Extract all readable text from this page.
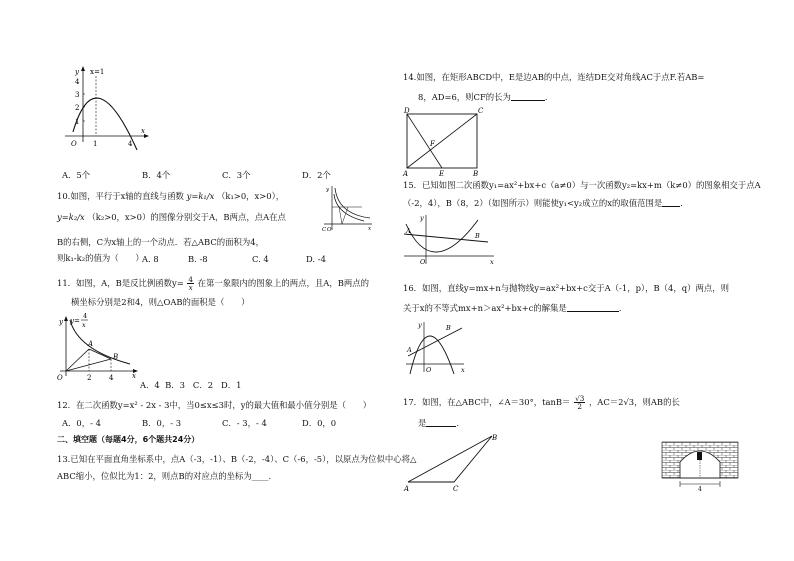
y x=1
4
3
2
1
O 1	4
x
A．5个	B．4个	C．3个	D．2个
10.如图，平行于x轴的直线与函数 y=k₁/x （k₁>0，x>0），
y=k₂/x （k₂>0，x>0）的图像分别交于A，B两点，点A在点
B的右侧，C为x轴上的一个动点．若△ABC的面积为4，
则k₁-k₂的值为（　　）
A. 8	B. -8	C. 4	D. -4
y
x
C O
11．如图，A，B是反比例函数$y= \frac{4}{x}$ 在第一象限内的图象上的两点，且A，B两点的
横坐标分别是2和4，则△OAB的面积是（　　）
y y=
4
x
A
B
O	2	4	x
A．4  B．3   C．2   D．1
12．在二次函数y=x² - 2x - 3中，当0≤x≤3时，y的最大值和最小值分别是（　　）
A．0，- 4	B．0，- 3	C．- 3，- 4	D．0，0
二、填空题（每题4分，6个题共24分）
13.已知在平面直角坐标系中，点A（-3，-1）、B（-2，-4）、C（-6，-5），以原点为位似中心将△
ABC缩小，位似比为1：2，则点B的对应点的坐标为____.
14.如图，在矩形ABCD中，E是边AB的中点，连结DE交对角线AC于点F.若AB=
8，AD=6，则CF的长为	.
D	C
F
A	E	B
15．已知如图二次函数y₁=ax²+bx+c（a≠0）与一次函数y₂=kx+m（k≠0）的图象相交于点A
（-2，4），B（8，2）（如图所示）则能使y₁<y₂成立的x的取值范围是 ．
y
A
B
O	x
16．如图，直线y=mx+n与抛物线y=ax²+bx+c交于A（-1，p），B（4，q）两点，则
关于x的不等式mx+n＞ax²+bx+c的解集是	.
y
A
B
O	x
17．如图，在△ABC中，∠A＝30°，$\tan B= \frac{√3}{2}$ ，AC＝2√3，则AB的长
是	.
A	C
B
4
